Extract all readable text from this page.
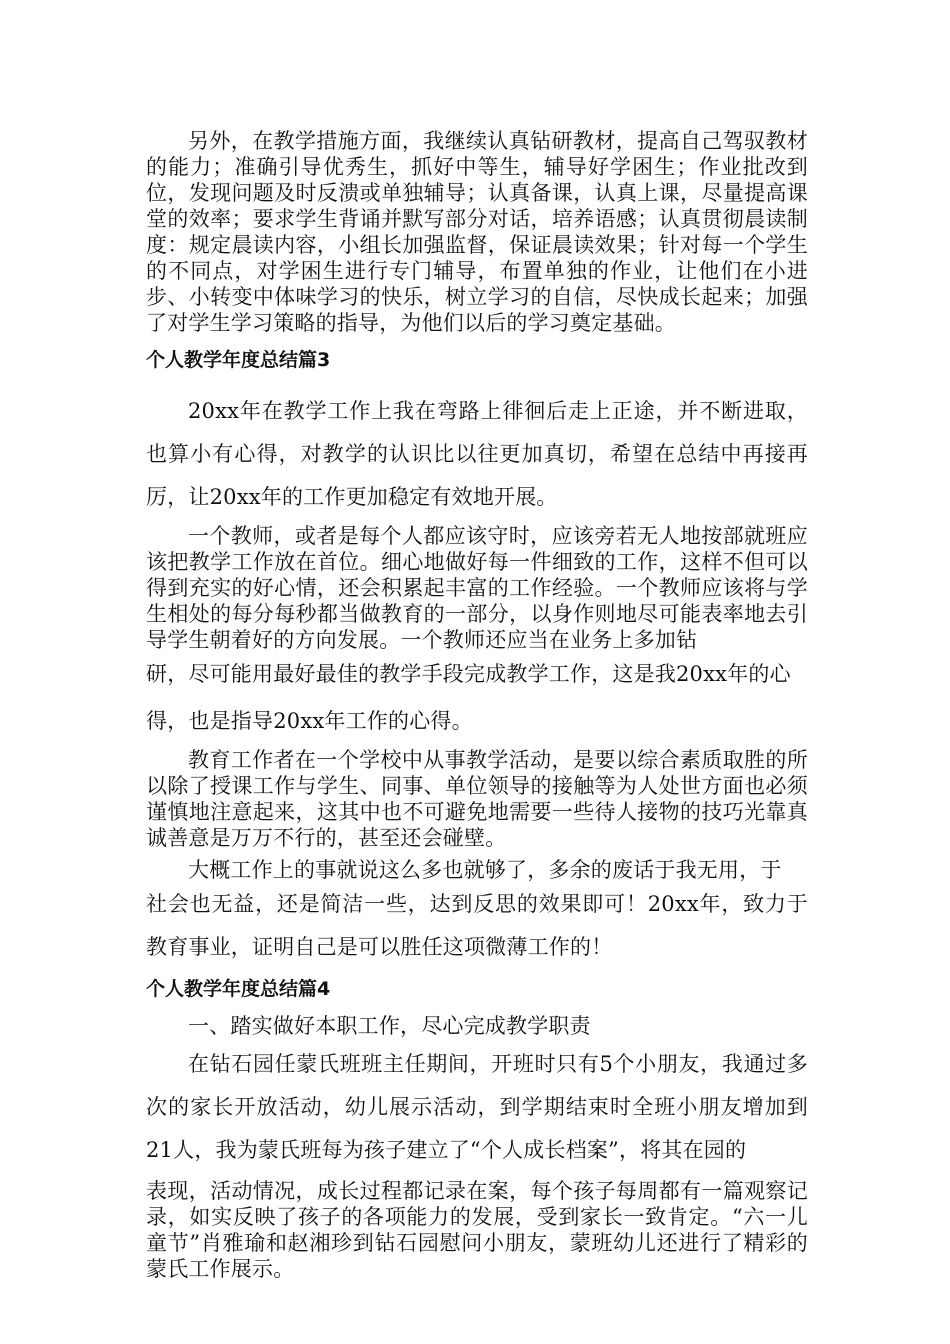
另外，在教学措施方面，我继续认真钻研教材，提高自己驾驭教材的能力；准确引导优秀生，抓好中等生，辅导好学困生；作业批改到位，发现问题及时反溃或单独辅导；认真备课，认真上课，尽量提高课堂的效率；要求学生背诵并默写部分对话，培养语感；认真贯彻晨读制度：规定晨读内容，小组长加强监督，保证晨读效果；针对每一个学生的不同点，对学困生进行专门辅导，布置单独的作业，让他们在小进步、小转变中体味学习的快乐，树立学习的自信，尽快成长起来；加强了对学生学习策略的指导，为他们以后的学习奠定基础。

个人教学年度总结篇3

20xx年在教学工作上我在弯路上徘徊后走上正途，并不断进取，也算小有心得，对教学的认识比以往更加真切，希望在总结中再接再厉，让20xx年的工作更加稳定有效地开展。

一个教师，或者是每个人都应该守时，应该旁若无人地按部就班应该把教学工作放在首位。细心地做好每一件细致的工作，这样不但可以得到充实的好心情，还会积累起丰富的工作经验。一个教师应该将与学生相处的每分每秒都当做教育的一部分，以身作则地尽可能表率地去引导学生朝着好的方向发展。一个教师还应当在业务上多加钻

研，尽可能用最好最佳的教学手段完成教学工作，这是我20xx年的心

得，也是指导20xx年工作的心得。

教育工作者在一个学校中从事教学活动，是要以综合素质取胜的所以除了授课工作与学生、同事、单位领导的接触等为人处世方面也必须谨慎地注意起来，这其中也不可避免地需要一些待人接物的技巧光靠真诚善意是万万不行的，甚至还会碰壁。

大概工作上的事就说这么多也就够了，多余的废话于我无用，于

社会也无益，还是简洁一些，达到反思的效果即可！20xx年，致力于教育事业，证明自己是可以胜任这项微薄工作的！

个人教学年度总结篇4

一、踏实做好本职工作，尽心完成教学职责

在钻石园任蒙氏班班主任期间，开班时只有5个小朋友，我通过多次的家长开放活动，幼儿展示活动，到学期结束时全班小朋友增加到21人，我为蒙氏班每为孩子建立了“个人成长档案”，将其在园的

表现，活动情况，成长过程都记录在案，每个孩子每周都有一篇观察记录，如实反映了孩子的各项能力的发展，受到家长一致肯定。“六一儿童节”肖雅瑜和赵湘珍到钻石园慰问小朋友，蒙班幼儿还进行了精彩的蒙氏工作展示。
